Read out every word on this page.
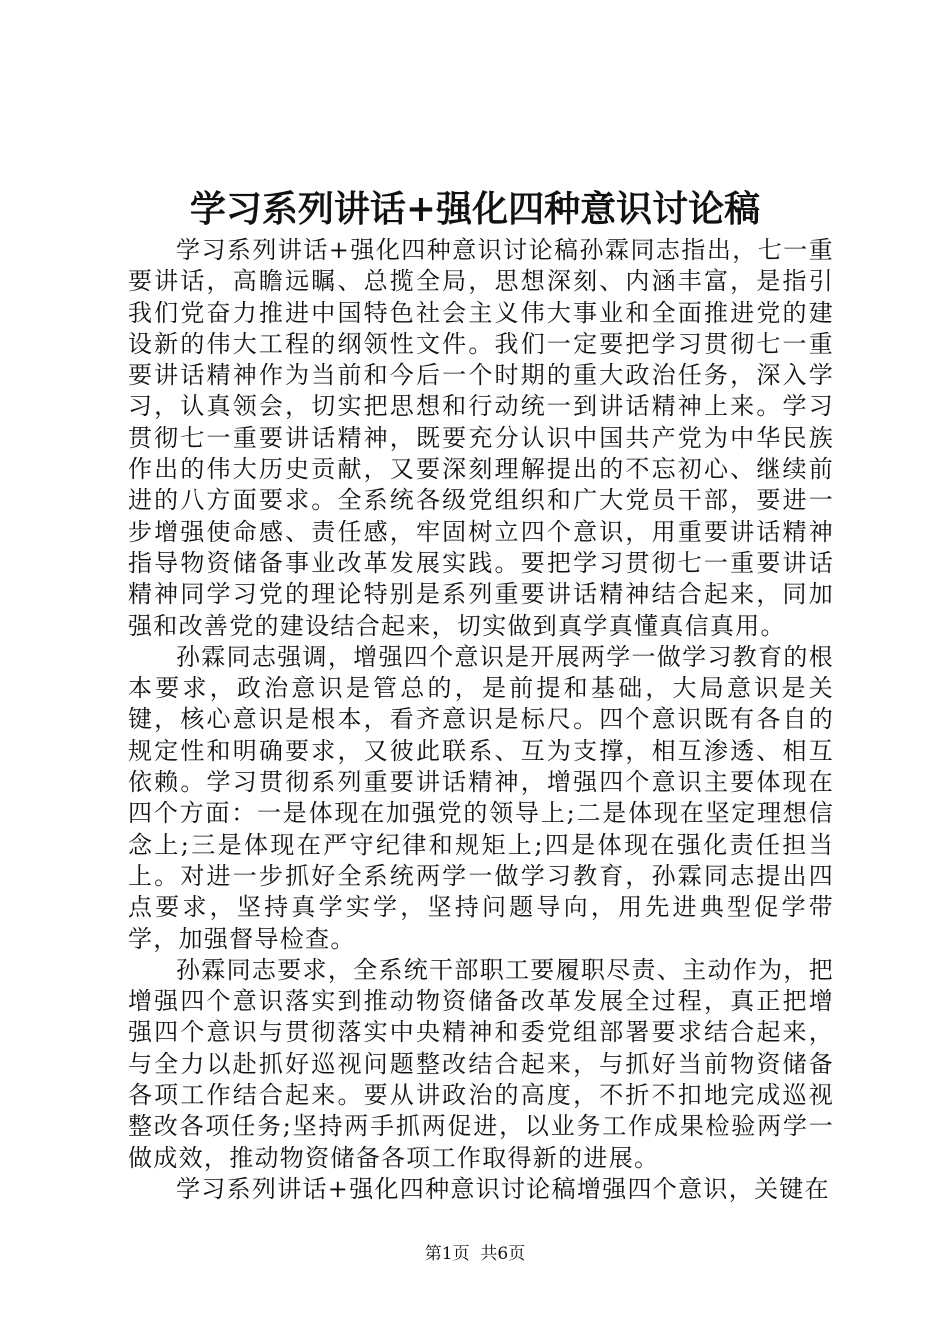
学习系列讲话+强化四种意识讨论稿

学习系列讲话+强化四种意识讨论稿孙霖同志指出，七一重要讲话，高瞻远瞩、总揽全局，思想深刻、内涵丰富，是指引我们党奋力推进中国特色社会主义伟大事业和全面推进党的建设新的伟大工程的纲领性文件。我们一定要把学习贯彻七一重要讲话精神作为当前和今后一个时期的重大政治任务，深入学习，认真领会，切实把思想和行动统一到讲话精神上来。学习贯彻七一重要讲话精神，既要充分认识中国共产党为中华民族作出的伟大历史贡献，又要深刻理解提出的不忘初心、继续前进的八方面要求。全系统各级党组织和广大党员干部，要进一步增强使命感、责任感，牢固树立四个意识，用重要讲话精神指导物资储备事业改革发展实践。要把学习贯彻七一重要讲话精神同学习党的理论特别是系列重要讲话精神结合起来，同加强和改善党的建设结合起来，切实做到真学真懂真信真用。

孙霖同志强调，增强四个意识是开展两学一做学习教育的根本要求，政治意识是管总的，是前提和基础，大局意识是关键，核心意识是根本，看齐意识是标尺。四个意识既有各自的规定性和明确要求，又彼此联系、互为支撑，相互渗透、相互依赖。学习贯彻系列重要讲话精神，增强四个意识主要体现在四个方面：一是体现在加强党的领导上;二是体现在坚定理想信念上;三是体现在严守纪律和规矩上;四是体现在强化责任担当上。对进一步抓好全系统两学一做学习教育，孙霖同志提出四点要求，坚持真学实学，坚持问题导向，用先进典型促学带学，加强督导检查。

孙霖同志要求，全系统干部职工要履职尽责、主动作为，把增强四个意识落实到推动物资储备改革发展全过程，真正把增强四个意识与贯彻落实中央精神和委党组部署要求结合起来，与全力以赴抓好巡视问题整改结合起来，与抓好当前物资储备各项工作结合起来。要从讲政治的高度，不折不扣地完成巡视整改各项任务;坚持两手抓两促进，以业务工作成果检验两学一做成效，推动物资储备各项工作取得新的进展。

学习系列讲话+强化四种意识讨论稿增强四个意识，关键在

第1页 共6页
